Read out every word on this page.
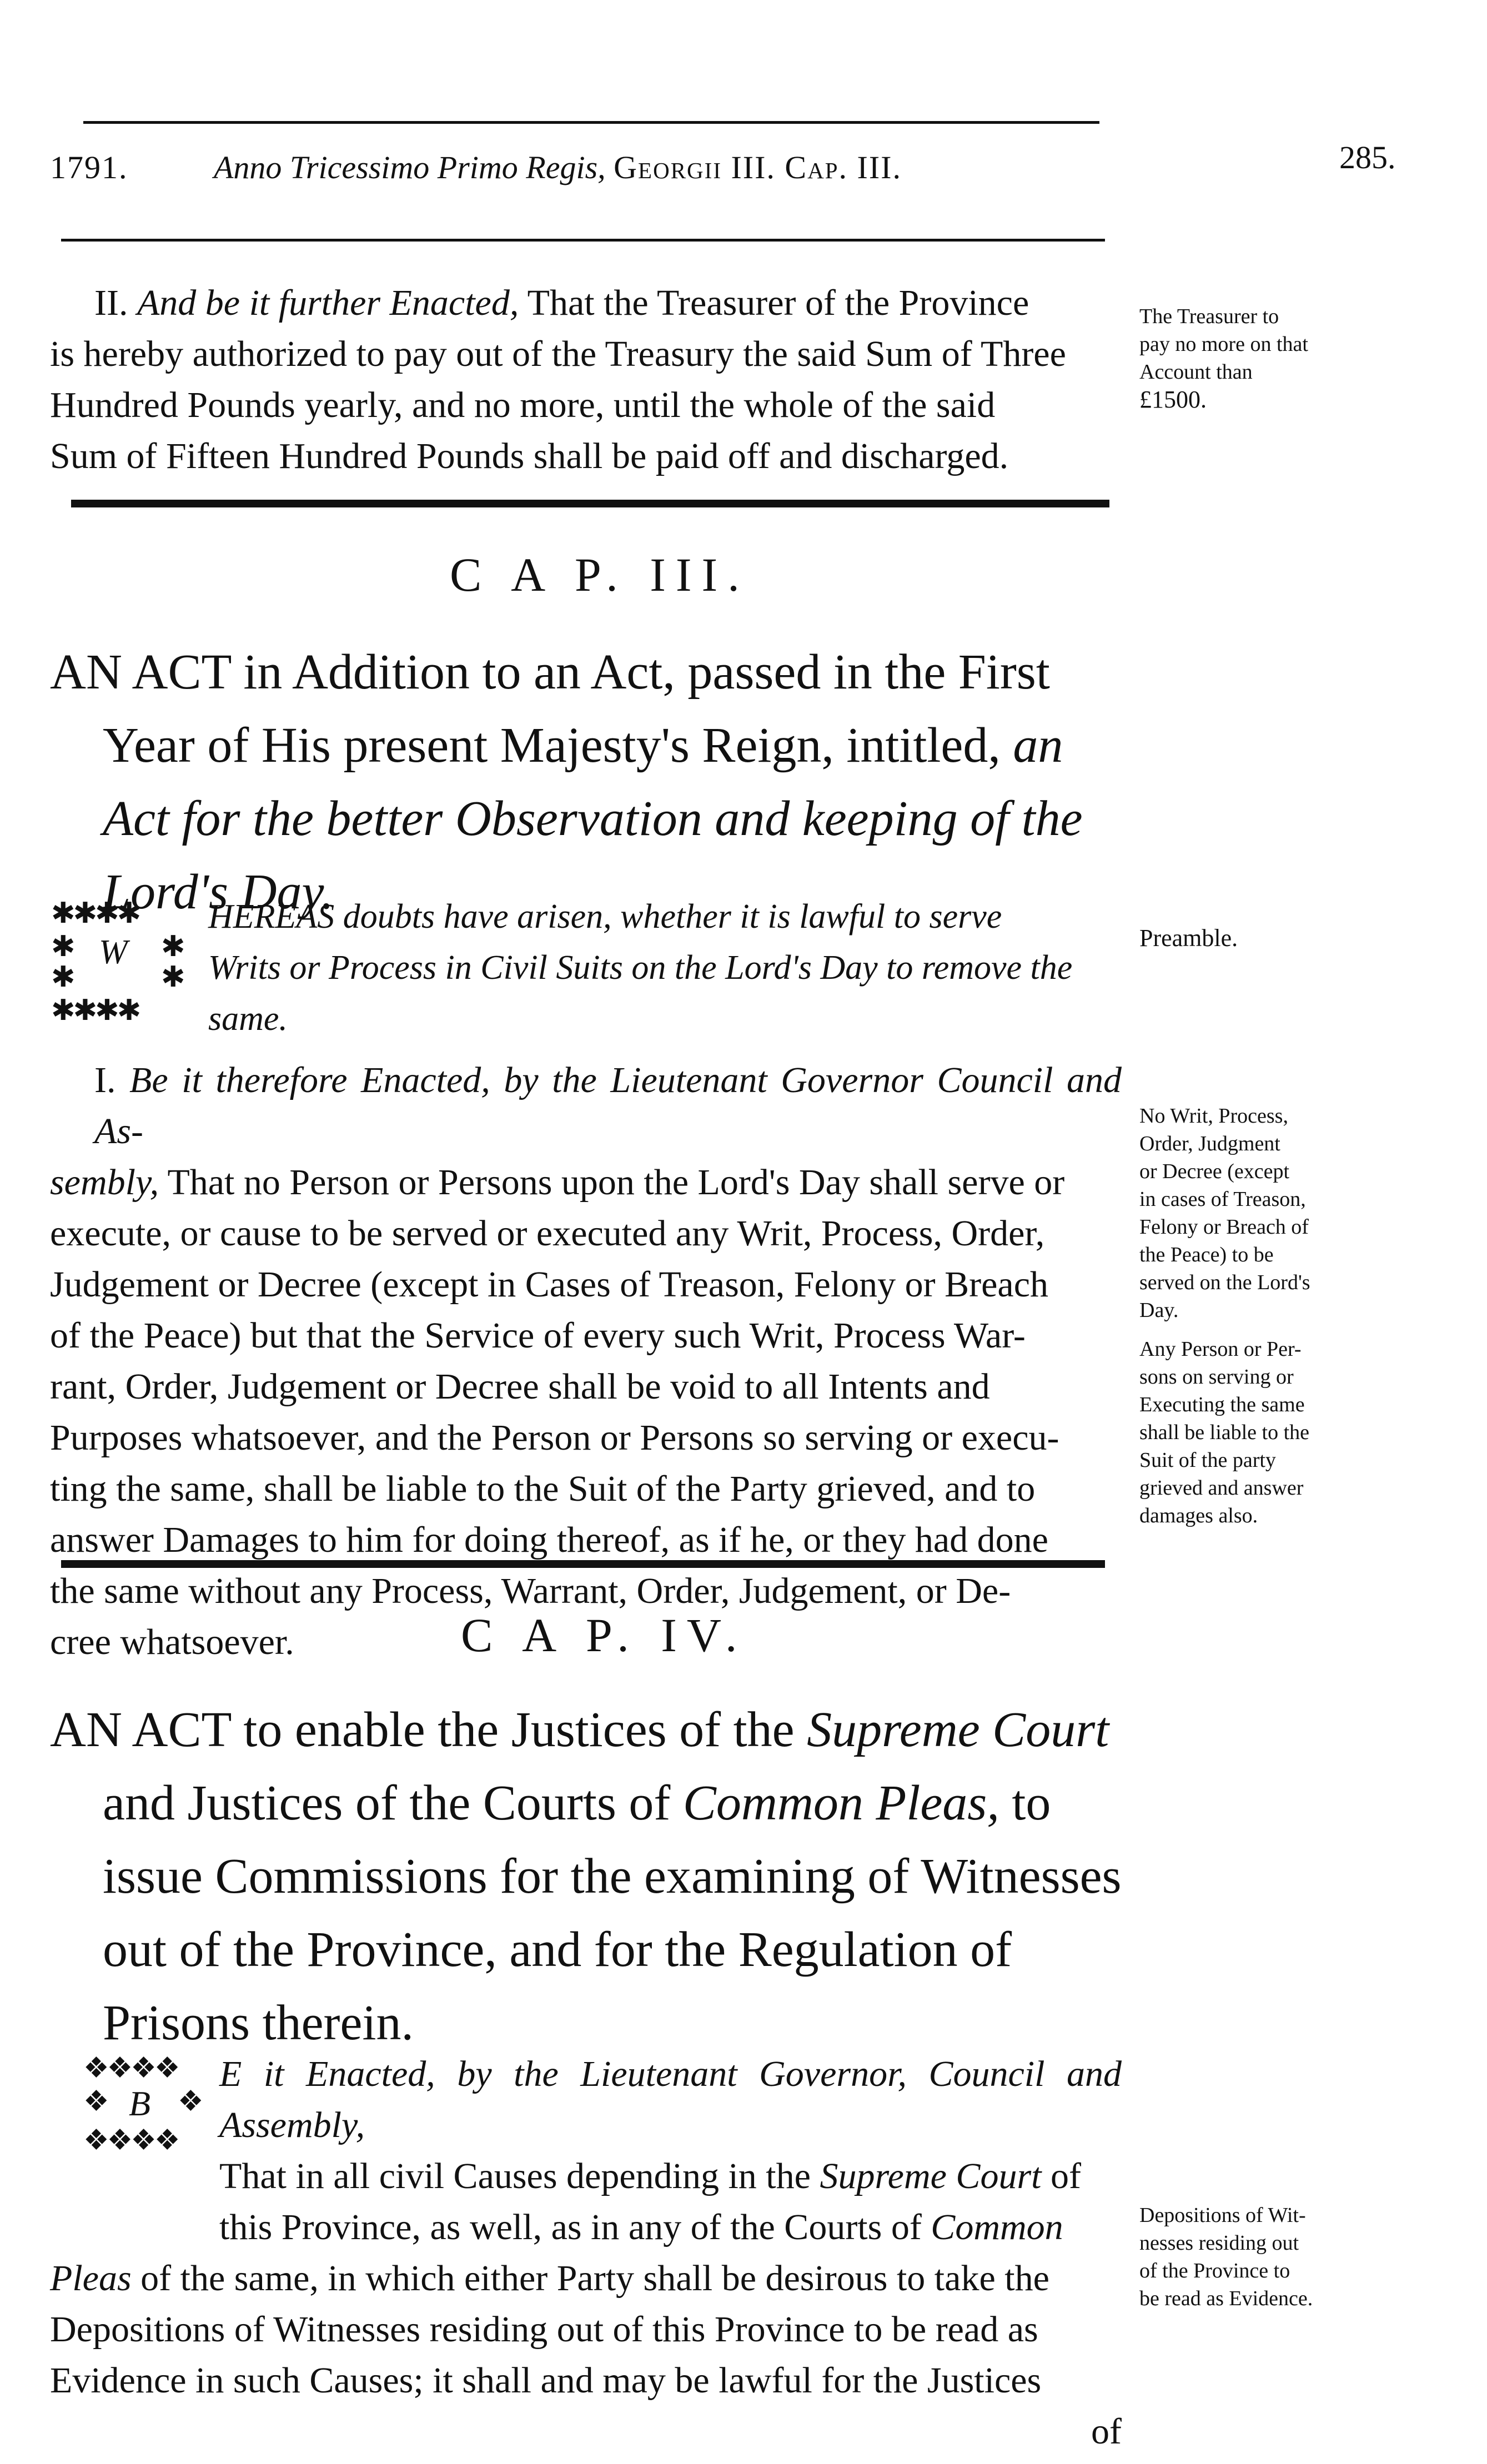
1791.	Anno Tricessimo Primo Regis, Georgii III. Cap. III.	285.
II. And be it further Enacted, That the Treasurer of the Province
is hereby authorized to pay out of the Treasury the said Sum of Three
Hundred Pounds yearly, and no more, until the whole of the said
Sum of Fifteen Hundred Pounds shall be paid off and discharged.
The Treasurer to
pay no more on that
Account than
£1500.
C A P. III.
AN ACT in Addition to an Act, passed in the First
Year of His present Majesty's Reign, intitled, an
Act for the better Observation and keeping of the
Lord's Day.
✱✱✱✱
✱	✱
✱	✱
✱✱✱✱
W
HEREAS doubts have arisen, whether it is lawful to serve
Writs or Process in Civil Suits on the Lord's Day to remove the
same.
Preamble.
I. Be it therefore Enacted, by the Lieutenant Governor Council and As-
sembly, That no Person or Persons upon the Lord's Day shall serve or
execute, or cause to be served or executed any Writ, Process, Order,
Judgement or Decree (except in Cases of Treason, Felony or Breach
of the Peace) but that the Service of every such Writ, Process War-
rant, Order, Judgement or Decree shall be void to all Intents and
Purposes whatsoever, and the Person or Persons so serving or execu-
ting the same, shall be liable to the Suit of the Party grieved, and to
answer Damages to him for doing thereof, as if he, or they had done
the same without any Process, Warrant, Order, Judgement, or De-
cree whatsoever.
No Writ, Process,
Order, Judgment
or Decree (except
in cases of Treason,
Felony or Breach of
the Peace) to be
served on the Lord's
Day.
Any Person or Per-
sons on serving or
Executing the same
shall be liable to the
Suit of the party
grieved and answer
damages also.
C A P. IV.
AN ACT to enable the Justices of the Supreme Court
and Justices of the Courts of Common Pleas, to
issue Commissions for the examining of Witnesses
out of the Province, and for the Regulation of
Prisons therein.
❖❖❖❖
❖ ❖
❖❖❖❖
B
E it Enacted, by the Lieutenant Governor, Council and Assembly,
That in all civil Causes depending in the Supreme Court of
this Province, as well, as in any of the Courts of Common
Pleas of the same, in which either Party shall be desirous to take the
Depositions of Witnesses residing out of this Province to be read as
Evidence in such Causes; it shall and may be lawful for the Justices
of
Depositions of Wit-
nesses residing out
of the Province to
be read as Evidence.
